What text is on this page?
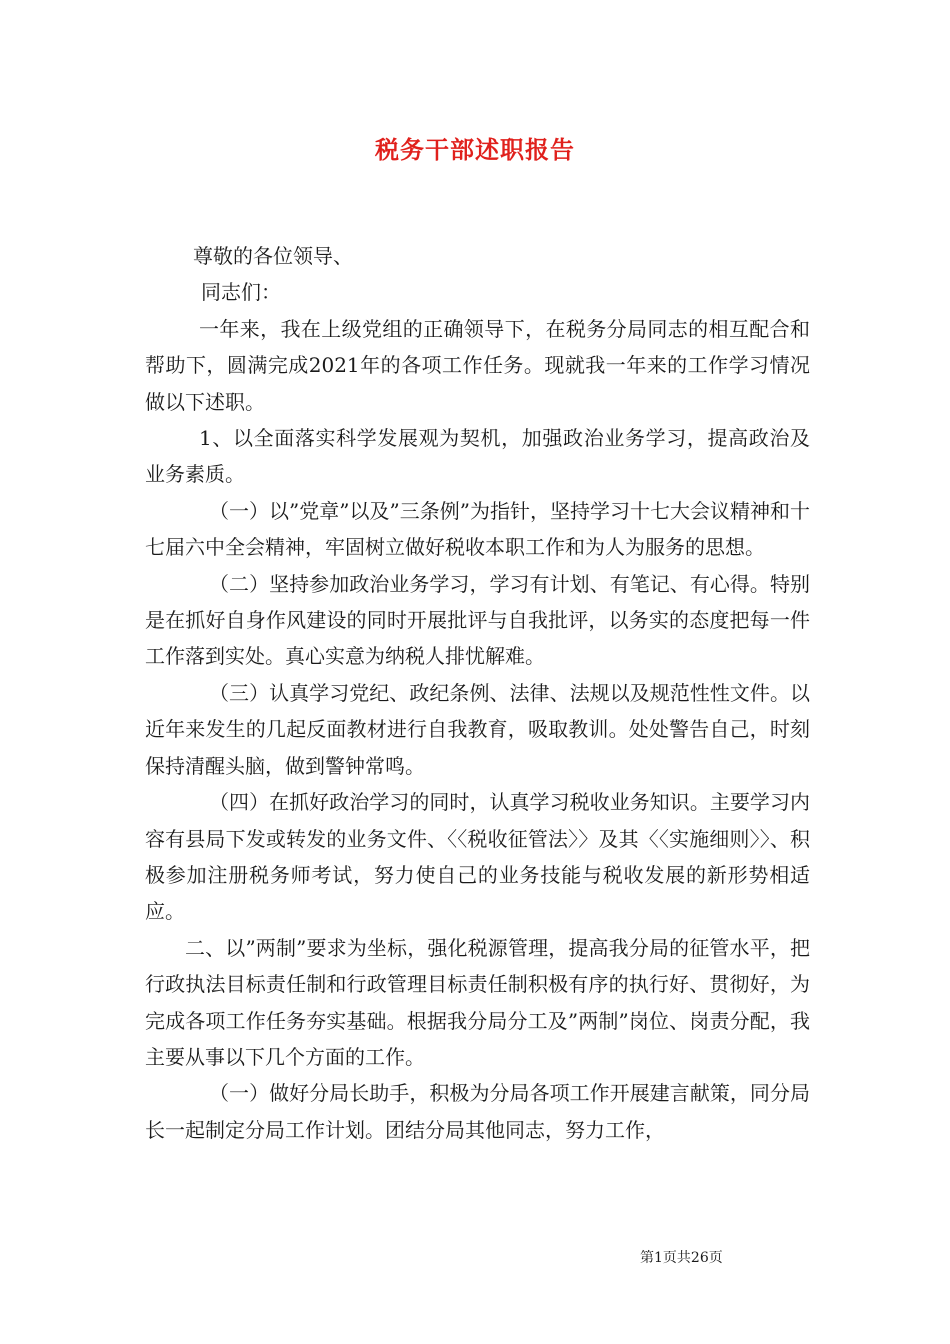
税务干部述职报告

尊敬的各位领导、

同志们：

一年来，我在上级党组的正确领导下，在税务分局同志的相互配合和帮助下，圆满完成2021年的各项工作任务。现就我一年来的工作学习情况做以下述职。

1、以全面落实科学发展观为契机，加强政治业务学习，提高政治及业务素质。

（一）以”党章”以及”三条例”为指针，坚持学习十七大会议精神和十七届六中全会精神，牢固树立做好税收本职工作和为人为服务的思想。

（二）坚持参加政治业务学习，学习有计划、有笔记、有心得。特别是在抓好自身作风建设的同时开展批评与自我批评，以务实的态度把每一件工作落到实处。真心实意为纳税人排忧解难。

（三）认真学习党纪、政纪条例、法律、法规以及规范性性文件。以近年来发生的几起反面教材进行自我教育，吸取教训。处处警告自己，时刻保持清醒头脑，做到警钟常鸣。

（四）在抓好政治学习的同时，认真学习税收业务知识。主要学习内容有县局下发或转发的业务文件、〈〈税收征管法〉〉及其〈〈实施细则〉〉、积极参加注册税务师考试，努力使自己的业务技能与税收发展的新形势相适应。

二、以”两制”要求为坐标，强化税源管理，提高我分局的征管水平，把行政执法目标责任制和行政管理目标责任制积极有序的执行好、贯彻好，为完成各项工作任务夯实基础。根据我分局分工及”两制”岗位、岗责分配，我主要从事以下几个方面的工作。

（一）做好分局长助手，积极为分局各项工作开展建言献策，同分局长一起制定分局工作计划。团结分局其他同志，努力工作，

第1页共26页
